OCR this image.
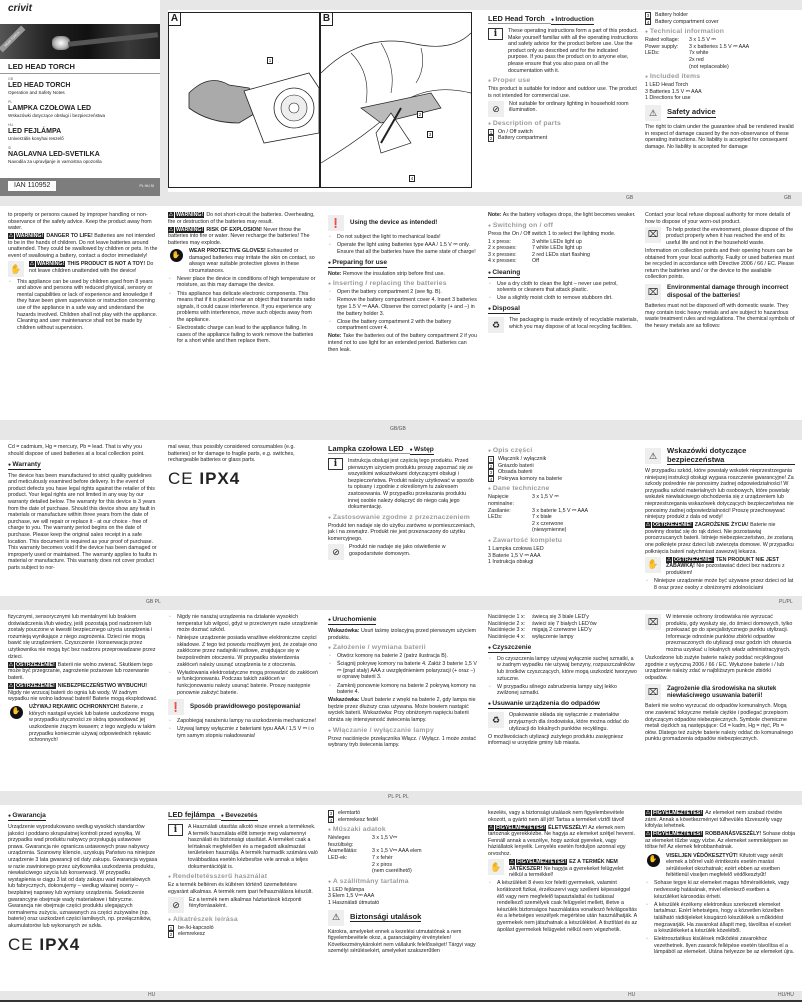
GB	GB
GB/GB
GB PL	PL/PL
PL PL PL
HU	HU	HU/HU
crivit
HEAD-TORCH
LED HEAD TORCH
GB
LED HEAD TORCH
Operation and Safety Notes
PL
LAMPKA CZOŁOWA LED
Wskazówki dotyczące obsługi i bezpieczeństwa
HU
LED FEJLÁMPA
Univerzális konyhai reszelő
SI
NAGLAVNA LED-SVETILKA
Navodila za upravljanje in varnostna opozorila
IAN 110952	PL HU SI
A
1
B
2
3
4
LED Head Torch ● Introduction
i	These operating instructions form a part of this product. Make yourself familiar with all the operating instructions and safety advice for the product before use. Use the product only as described and for the indicated purpose. If you pass the product on to anyone else, please ensure that you also pass on all the documentation with it.
● Proper use
This product is suitable for indoor and outdoor use. The product is not intended for commercial use.
⊘	Not suitable for ordinary lighting in household room illumination.
● Description of parts
1	On / Off switch
2	Battery compartment
3	Battery holder
4	Battery compartment cover
● Technical information
Rated voltage:	3 x 1.5 V ⎓
Power supply:	3 x batteries 1.5 V ⎓ AAA
LEDs:	7x white
2x red
(not replaceable)
● Included items
1 LED Head Torch
3 Batteries 1.5 V ⎓ AAA
1 Directions for use
⚠	Safety advice
The right to claim under the guarantee shall be rendered invalid in respect of damage caused by the non-observance of these operating instructions. No liability is accepted for consequent damage. No liability is accepted for damage
to property or persons caused by improper handling or non-observance of the safety advice. Keep the product away from water.
⚠ WARNING! DANGER TO LIFE! Batteries are not intended to be in the hands of children. Do not leave batteries around unattended. They could be swallowed by children or pets. In the event of swallowing a battery, contact a doctor immediately!
✋	⚠ WARNING! THIS PRODUCT IS NOT A TOY! Do not leave children unattended with the device!
▫ This appliance can be used by children aged from 8 years and above and persons with reduced physical, sensory or mental capabilities or lack of experience and knowledge if they have been given supervision or instruction concerning use of the appliance in a safe way and understand the hazards involved. Children shall not play with the appliance. Cleaning and user maintenance shall not be made by children without supervision.
⚠ WARNING! Do not short-circuit the batteries. Overheating, fire or destruction of the batteries may result.
⚠ WARNING! RISK OF EXPLOSION! Never throw the batteries into fire or water. Never recharge the batteries! The batteries may explode.
✋
WEAR PROTECTIVE GLOVES! Exhausted or damaged batteries may irritate the skin on contact, so always wear suitable protective gloves in these circumstances.
▫ Never place the device in conditions of high temperature or moisture, as this may damage the device.
▫ This appliance has delicate electronic components. This means that if it is placed near an object that transmits radio signals, it could cause interference. If you experience any problems with interference, move such objects away from the appliance.
▫ Electrostatic charge can lead to the appliance failing. In cases of the appliance failing to work remove the batteries for a short while and then replace them.
❗	Using the device as intended!
▫ Do not subject the light to mechanical loads!
▫ Operate the light using batteries type AAA / 1.5 V ⎓ only. Ensure that all the batteries have the same state of charge!
● Preparing for use
Note: Remove the insulation strip before first use.
● Inserting / replacing the batteries
▫ Open the battery compartment 2 (see fig. B).
▫ Remove the battery compartment cover 4. Insert 3 batteries type 1.5 V ⎓ AAA. Observe the correct polarity (+ and –) in the battery holder 3.
▫ Close the battery compartment 2 with the battery compartment cover 4.
Note: Take the batteries out of the battery compartment 2 if you intend not to use light for an extended period. Batteries can then leak.
Note: As the battery voltages drops, the light becomes weaker.
● Switching on / off
Press the On / Off switch 1 to select the lighting mode.
1 x press:	3 white LEDs light up
2 x presses:	7 white LEDs light up
3 x presses:	2 red LEDs start flashing
4 x presses:	Off
● Cleaning
▫ Use a dry cloth to clean the light – never use petrol, solvents or cleaners that attack plastic.
▫ Use a slightly moist cloth to remove stubborn dirt.
● Disposal
♻	The packaging is made entirely of recyclable materials, which you may dispose of at local recycling facilities.
Contact your local refuse disposal authority for more details of how to dispose of your worn-out product.
⌧	To help protect the environment, please dispose of the product properly when it has reached the end of its useful life and not in the household waste.
Information on collection points and their opening hours can be obtained from your local authority. Faulty or used batteries must be recycled in accordance with Directive 2006 / 66 / EC. Please return the batteries and / or the device to the available collection points.
⌧	Environmental damage through incorrect disposal of the batteries!
Batteries must not be disposed off with domestic waste. They may contain toxic heavy metals and are subject to hazardous waste treatment rules and regulations. The chemical symbols of the heavy metals are as follows:
Cd = cadmium, Hg = mercury, Pb = lead. That is why you should dispose of used batteries at a local collection point.
● Warranty
The device has been manufactured to strict quality guidelines and meticulously examined before delivery. In the event of product defects you have legal rights against the retailer of this product. Your legal rights are not limited in any way by our warranty detailed below. The warranty for this device is 3 years from the date of purchase. Should this device show any fault in materials or manufacture within three years from the date of purchase, we will repair or replace it - at our choice - free of charge to you. The warranty period begins on the date of purchase. Please keep the original sales receipt in a safe location. This document is required as your proof of purchase. This warranty becomes void if the device has been damaged or improperly used or maintained. The warranty applies to faults in material or manufacture. This warranty does not cover product parts subject to nor-
mal wear, thus possibly considered consumables (e.g. batteries) or for damage to fragile parts, e.g. switches, rechargeable batteries or glass parts.
CE IPX4
Lampka czołowa LED ● Wstęp
i	Instrukcja obsługi jest częścią tego produktu. Przed pierwszym użyciem produktu proszę zapoznać się ze wszystkimi wskazówkami dotyczącymi obsługi i bezpieczeństwa. Produkt należy użytkować w sposób tu opisany i zgodnie z określonym tu zakresem zastosowania. W przypadku przekazania produktu innej osobie należy dołączyć do niego całą jego dokumentację.
● Zastosowanie zgodne z przeznaczeniem
Produkt ten nadaje się do użytku zarówno w pomieszczeniach, jak i na zewnątrz. Produkt nie jest przeznaczony do użytku komercyjnego.
⊘	Produkt nie nadaje się jako oświetlenie w gospodarstwie domowym.
● Opis części
1	Włącznik / wyłącznik
2	Gniazdo baterii
3	Obsada baterii
4	Pokrywa komory na baterie
● Dane techniczne
Napięcie nominalne:
3 x 1,5 V ⎓
Zasilanie:	3 x baterie 1,5 V ⎓ AAA
LEDs:	7 x białe
2 x czerwone
(niewymienne)
● Zawartość kompletu
1 Lampka czołowa LED
3 Baterie 1,5 V ⎓ AAA
1 Instrukcja obsługi
⚠
Wskazówki dotyczące bezpieczeństwa
W przypadku szkód, które powstały wskutek nieprzestrzegania niniejszej instrukcji obsługi wygasa roszczenie gwarancyjne! Za szkody pośrednie nie ponosimy żadnej odpowiedzialności! W przypadku szkód materialnych lub osobowych, które powstały wskutek niewłaściwego obchodzenia się z urządzeniem lub nieprzestrzegania wskazówek dotyczących bezpieczeństwa nie ponosimy żadnej odpowiedzialności! Proszę przechowywać niniejszy produkt z dala od wody!
⚠ OSTRZEŻENIE! ZAGROŻENIE ŻYCIA! Baterie nie powinny dostać się do rąk dzieci. Nie pozostawiaj porozrzucanych baterii. Istnieje niebezpieczeństwo, że zostaną one połknięte przez dzieci lub zwierzęta domowe. W przypadku połknięcia baterii natychmiast zawezwij lekarza.
✋	⚠ OSTRZEŻENIE! TEN PRODUKT NIE JEST ZABAWKĄ! Nie pozostawiać dzieci bez nadzoru z produktem!
▫ Niniejsze urządzenie może być używane przez dzieci od lat 8 oraz przez osoby z obniżonymi zdolnościami
fizycznymi, sensorycznymi lub mentalnymi lub brakiem doświadczenia i/lub wiedzy, jeśli pozostają pod nadzorem lub zostały pouczone w kwestii bezpiecznego użycia urządzenia i rozumieją wynikające z niego zagrożenia. Dzieci nie mogą bawić się urządzeniem. Czyszczenie i konserwacja przez użytkownika nie mogą być bez nadzoru przeprowadzane przez dzieci.
⚠ OSTRZEŻENIE! Baterii nie wolno zwierać. Skutkiem tego może być przegrzanie, zagrożenie pożarowe lub rozerwanie baterii.
⚠ OSTRZEŻENIE! NIEBEZPIECZEŃSTWO WYBUCHU! Nigdy nie wrzucaj baterii do ognia lub wody. W żadnym wypadku nie wolno ładować baterii! Baterie mogą eksplodować.
✋
UŻYWAJ RĘKAWIC OCHRONNYCH! Baterie, z których nastąpił wyciek lub baterie uszkodzone mogą w przypadku styczności ze skórą spowodować jej uszkodzenie żrącym kwasem; z tego względu w takim przypadku koniecznie używaj odpowiednich rękawic ochronnych!
▫ Nigdy nie narażaj urządzenia na działanie wysokich temperatur lub wilgoci, gdyż w przeciwnym razie urządzenie może doznać szkód.
▫ Niniejsze urządzenie posiada wrażliwe elektroniczne części składowe. Z tego też powodu możliwym jest, że zostaje ono zakłócone przez nadajniki radiowe, znajdujące się w bezpośrednim otoczeniu. W przypadku stwierdzenia zakłóceń należy usunąć urządzenia te z otoczenia.
▫ Wyładowania elektrostatyczne mogą prowadzić do zakłóceń w funkcjonowaniu. Podczas takich zakłóceń w funkcjonowaniu należy usunąć baterie. Proszę następnie ponownie założyć baterie.
❗	Sposób prawidłowego postępowania!
▫ Zapobiegaj narażeniu lampy na uszkodzenia mechaniczne!
▫ Używaj lampy wyłącznie z bateriami typu AAA / 1,5 V ⎓ i o tym samym stopniu naładowania!
● Uruchomienie
Wskazówka: Usuń taśmę izolacyjną przed pierwszym użyciem produktu.
● Założenie / wymiana baterii
▫ Otwórz komorę na baterie 2 (patrz ilustracja B).
▫ Ściągnij pokrywę komory na baterie 4. Załóż 3 baterie 1,5 V ⎓ (prąd stały) AAA z uwzględnieniem polaryzacji (+ oraz –) w oprawę baterii 3.
▫ Zamknij ponownie komorę na baterie 2 pokrywą komory na baterie 4.
Wskazówka: Usuń baterie z wnęki na baterie 2, gdy lampa nie będzie przez dłuższy czas używana. Może bowiem nastąpić wyciek baterii. Wskazówka: Przy obniżonym napięciu baterii obniża się intensywność świecenia lampy.
● Włączanie / wyłączanie lampy
Przez naciśnięcie przełącznika Włącz. / Wyłącz. 1 może zostać wybrany tryb świecenia lampy.
Naciśnięcie 1 x:	świecą się 3 białe LED'y
Naciśnięcie 2 x:	świeci się 7 białych LED'ów
Naciśnięcie 3 x:	migają 2 czerwone LED'y
Naciśnięcie 4 x:	wyłączenie lampy
● Czyszczenie
▫ Do czyszczenia lampy używaj wyłącznie suchej szmatki, a w żadnym wypadku nie używaj benzyny, rozpuszczalników lub środków czyszczących, które mogą uszkodzić tworzywo sztuczne.
▫ W przypadku silnego zabrudzenia lampy użyj lekko zwilżonej szmatki.
● Usuwanie urządzenia do odpadów
♻	Opakowanie składa się wyłącznie z materiałów przyjaznych dla środowiska, które można oddać do utylizacji do lokalnych punktów recyklingu.
O możliwościach utylizacji zużytego produktu zasięgniesz informacji w urzędzie gminy lub miasta.
⌧	W interesie ochrony środowiska nie wyrzucać produktu, gdy wysłuży się, do śmieci domowych, tylko przekazać go do specjalistycznego punktu utylizacji. Informacje odnośnie punktów zbiórki odpadów przeznaczonych do utylizacji oraz godzin ich otwarcia można uzyskać u lokalnych władz administracyjnych.
Uszkodzone lub zużyte baterie należy poddać recyklingowi zgodnie z wytyczną 2006 / 66 / EC. Wyłużone baterie i / lub urządzenie należy zdać w najbliższym punkcie zbiórki odpadów.
⌧	Zagrożenie dla środowiska na skutek niewłaściwego usuwania baterii!
Baterii nie wolno wyrzucać do odpadów komunalnych. Mogą one zawierać toksyczne metale ciężkie i podlegać przepisom dotyczącym odpadów niebezpiecznych. Symbole chemiczne metali ciężkich są następujące: Cd = kadm, Hg = rtęć, Pb = ołów. Dlatego też zużyte baterie należy oddać do komunalnego punktu gromadzenia odpadów niebezpiecznych.
● Gwarancja
Urządzenie wyprodukowano według wysokich standardów jakości i poddano skrupulatnej kontroli przed wysyłką. W przypadku wad produktu nabywcy przysługują ustawowe prawa. Gwarancja nie ogranicza ustawowych praw nabywcy urządzenia. Szanowny kliencie, uzyskują Państwo na niniejsze urządzenie 3 lata gwarancji od daty zakupu. Gwarancja wygasa w razie zawinionego przez użytkownika uszkodzenia produktu, niewłaściwego użycia lub konserwacji. W przypadku wystąpienia w ciągu 3 lat od daty zakupu wad materiałowych lub fabrycznych, dokonujemy – według własnej oceny – bezpłatnej naprawy lub wymiany urządzenia. Świadczenie gwarancyjne obejmuje wady materiałowe i fabryczne. Gwarancja nie obejmuje części produktu ulegających normalnemu zużyciu, uznawanych za części zużywalne (np. baterie) oraz uszkodzeń części łamliwych, np. przełączników, akumulatorów lub wykonanych ze szkła.
CE IPX4
LED fejlámpa ● Bevezetés
i	A Használati utasítás alkotó része ennek a terméknek. A termék használata előtt ismerje meg valamennyi használati és biztonsági utasítást. A terméket csak a leírtaknak megfelelően és a megadott alkalmazási területeken használja. A termék harmadik számára való továbbadása esetén kézbesítse vele annak a teljes dokumentációját is.
● Rendeltetésszerű használat
Ez a termék beltéren és kültéren történő üzemeltetésre egyaránt alkalmas. A termék nem ipari felhasználásra készült.
⊘	Ez a termék nem alkalmas háztartások központi fényforrásaként.
● Alkatrészek leírása
1	be-/ki-kapcsoló
2	elemrekesz
3	elemtartó
4	elemrekesz fedél
● Műszaki adatok
Névleges feszültség:
3 x 1,5 V⎓
Áramellátás:	3 x 1,5 V⎓ AAA elem
LED-ek:	7 x fehér
2 x piros
(nem cserélhető)
● A szállítmány tartalma
1 LED fejlámpa
3 Elem 1,5 V⎓ AAA
1 Használati útmutató
⚠	Biztonsági utalások
Károkra, amelyeket ennek a kezelési utmutatónak a nem figyelembevétele okoz, a garanciaigény érvénytelen! Következménykárokért nem vállalunk felelősséget! Tárgyi vagy személyi sérülésekért, amelyeket szakszerűtlen
kezelés, vagy a biztonsági utalások nem figyelembevétele okozott, a gyártó nem áll jót! Tartsa a terméket víztől távol!
⚠ FIGYELMEZTETÉS! ÉLETVESZÉLY! Az elemek nem tartoznak gyerekkézbe. Ne hagyja az elemeket szétjel heverni. Fennáll annak a veszélye, hogy azokat gyerekek, vagy háziállatok lenyelik. Lenyelés esetén forduljon azonnal egy orvoshoz.
✋	⚠ FIGYELMEZTETÉS! EZ A TERMÉK NEM JÁTÉKSZER! Ne hagyja a gyerekeket felügyelet nélkül a termékkel!
▫ A készüléket 8 éves kor feletti gyermekek, valamint korlátozott fizikai, érzékszervi vagy szellemi képességgel élő vagy nem megfelelő tapasztalattal és tudással rendelkező személyek csak felügyelet mellett, illetve a készülék biztonságos használatára vonatkozó felvilágosítás és a lehetséges veszélyek megértése után használhatják. A gyermekek nem játszhatnak a készülékkel. A tisztítást és az ápolást gyermekek felügyelet nélkül nem végezhetik.
⚠ FIGYELMEZTETÉS! Az elemeket nem szabad rövidre zárni. Annak a következményei túlhevülés tűzveszély vagy kifolyás lehetnek.
⚠ FIGYELMEZTETÉS! ROBBANÁSVESZÉLY! Sohase dobja az elemeket tűzbe vagy vízbe. Az elemeket semmiképpen se töltse fel! Az elemek felrobbanhatnak.
✋
VISELJEN VÉDŐKESZTYŰT! Kifutott vagy sérült elemek a bőrrel való érintkezés esetén marási sérüléseket okozhatnak; ezért ebben az esetben feltétlenül viseljen megfelelő védőkesztyűt!
▫ Sohase tegye ki az elemeket magas hőmérsékletek, vagy nedvesség hatásának, mivel ellenkező esetben a készüléket károsodás érheti.
▫ A készülék érzékeny elektronikus szerkezeti elemeket tartalmaz. Ezért lehetséges, hogy a közvetlen közelben található rádiójeleket kisugárzó készülékek a működést megzavarják. Ha zavarokat állapít meg, távolítsa el ezeket a készülékeket a készülék közeléből.
▫ Elektrosztatikus kisülések működési zavarokhoz vezethetnek. Ilyen zavarok fellépése esetén távolítsa el a lámpából az elemeket. Utána helyezze be az elemeket újra.
